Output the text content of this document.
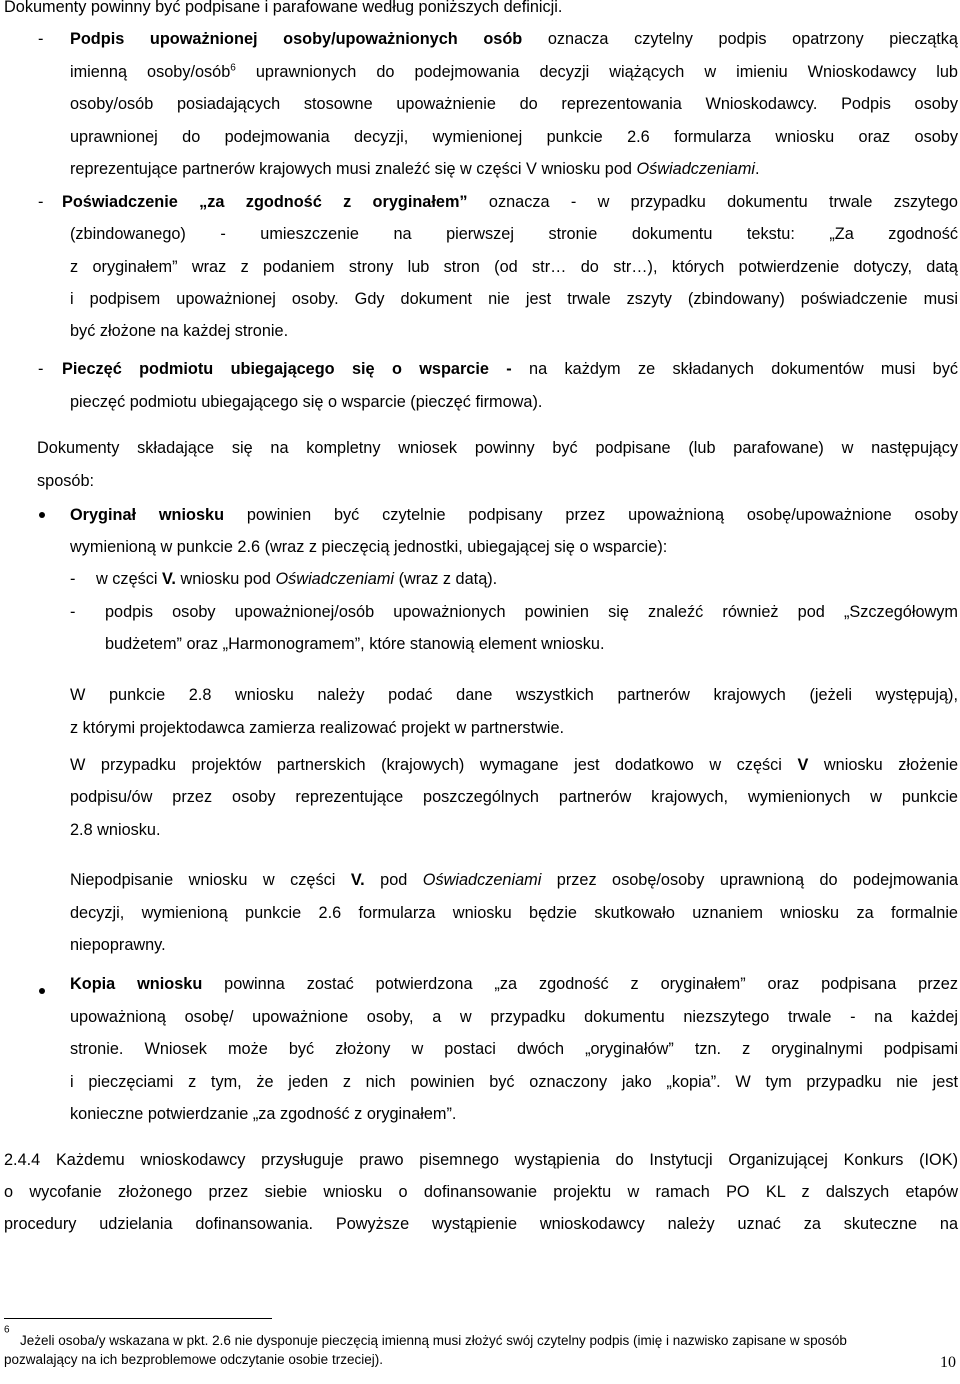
Dokumenty powinny być podpisane i parafowane według poniższych definicji.
- Podpis upoważnionej osoby/upoważnionych osób oznacza czytelny podpis opatrzony pieczątką
imienną osoby/osób$^6$ uprawnionych do podejmowania decyzji wiążących w imieniu Wnioskodawcy lub
osoby/osób posiadających stosowne upoważnienie do reprezentowania Wnioskodawcy. Podpis osoby
uprawnionej do podejmowania decyzji, wymienionej punkcie 2.6 formularza wniosku oraz osoby
reprezentujące partnerów krajowych musi znaleźć się w części V wniosku pod Oświadczeniami.
- Poświadczenie „za zgodność z oryginałem” oznacza - w przypadku dokumentu trwale zszytego
(zbindowanego) - umieszczenie na pierwszej stronie dokumentu tekstu: „Za zgodność
z oryginałem” wraz z podaniem strony lub stron (od str… do str…), których potwierdzenie dotyczy, datą
i podpisem upoważnionej osoby. Gdy dokument nie jest trwale zszyty (zbindowany) poświadczenie musi
być złożone na każdej stronie.
- Pieczęć podmiotu ubiegającego się o wsparcie - na każdym ze składanych dokumentów musi być
pieczęć podmiotu ubiegającego się o wsparcie (pieczęć firmowa).
Dokumenty składające się na kompletny wniosek powinny być podpisane (lub parafowane) w następujący
sposób:
Oryginał wniosku powinien być czytelnie podpisany przez upoważnioną osobę/upoważnione osoby
wymienioną w punkcie 2.6 (wraz z pieczęcią jednostki, ubiegającej się o wsparcie):
- w części V. wniosku pod Oświadczeniami (wraz z datą).
- podpis osoby upoważnionej/osób upoważnionych powinien się znaleźć również pod „Szczegółowym
budżetem” oraz „Harmonogramem”, które stanowią element wniosku.
W punkcie 2.8 wniosku należy podać dane wszystkich partnerów krajowych (jeżeli występują),
z którymi projektodawca zamierza realizować projekt w partnerstwie.
W przypadku projektów partnerskich (krajowych) wymagane jest dodatkowo w części V wniosku złożenie
podpisu/ów przez osoby reprezentujące poszczególnych partnerów krajowych, wymienionych w punkcie
2.8 wniosku.
Niepodpisanie wniosku w części V. pod Oświadczeniami przez osobę/osoby uprawnioną do podejmowania
decyzji, wymienioną punkcie 2.6 formularza wniosku będzie skutkowało uznaniem wniosku za formalnie
niepoprawny.
Kopia wniosku powinna zostać potwierdzona „za zgodność z oryginałem” oraz podpisana przez
upoważnioną osobę/ upoważnione osoby, a w przypadku dokumentu niezszytego trwale - na każdej
stronie. Wniosek może być złożony w postaci dwóch „oryginałów” tzn. z oryginalnymi podpisami
i pieczęciami z tym, że jeden z nich powinien być oznaczony jako „kopia”. W tym przypadku nie jest
konieczne potwierdzanie „za zgodność z oryginałem”.
2.4.4 Każdemu wnioskodawcy przysługuje prawo pisemnego wystąpienia do Instytucji Organizującej Konkurs (IOK)
o wycofanie złożonego przez siebie wniosku o dofinansowanie projektu w ramach PO KL z dalszych etapów
procedury udzielania dofinansowania. Powyższe wystąpienie wnioskodawcy należy uznać za skuteczne na
$^6$
Jeżeli osoba/y wskazana w pkt. 2.6 nie dysponuje pieczęcią imienną musi złożyć swój czytelny podpis (imię i nazwisko zapisane w sposób
pozwalający na ich bezproblemowe odczytanie osobie trzeciej).	10
